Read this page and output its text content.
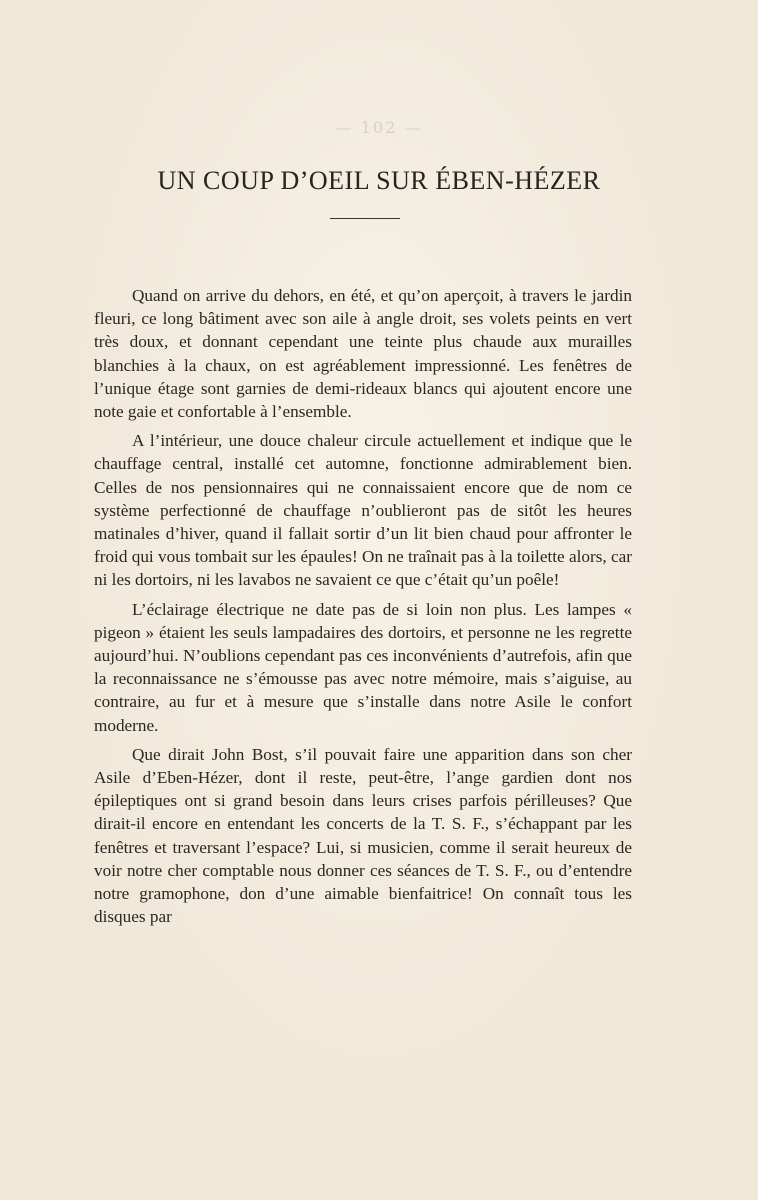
— 102 —
UN COUP D’OEIL SUR ÉBEN-HÉZER

Quand on arrive du dehors, en été, et qu’on aperçoit, à travers le jardin fleuri, ce long bâtiment avec son aile à angle droit, ses volets peints en vert très doux, et donnant cependant une teinte plus chaude aux murailles blanchies à la chaux, on est agréablement impressionné. Les fenêtres de l’unique étage sont garnies de demi-rideaux blancs qui ajoutent encore une note gaie et confortable à l’ensemble.

A l’intérieur, une douce chaleur circule actuellement et indique que le chauffage central, installé cet automne, fonctionne admirablement bien. Celles de nos pensionnaires qui ne connaissaient encore que de nom ce système perfectionné de chauffage n’oublieront pas de sitôt les heures matinales d’hiver, quand il fallait sortir d’un lit bien chaud pour affronter le froid qui vous tombait sur les épaules! On ne traînait pas à la toilette alors, car ni les dortoirs, ni les lavabos ne savaient ce que c’était qu’un poêle!

L’éclairage électrique ne date pas de si loin non plus. Les lampes « pigeon » étaient les seuls lampadaires des dortoirs, et personne ne les regrette aujourd’hui. N’oublions cependant pas ces inconvénients d’autrefois, afin que la reconnaissance ne s’émousse pas avec notre mémoire, mais s’aiguise, au contraire, au fur et à mesure que s’installe dans notre Asile le confort moderne.

Que dirait John Bost, s’il pouvait faire une apparition dans son cher Asile d’Eben-Hézer, dont il reste, peut-être, l’ange gardien dont nos épileptiques ont si grand besoin dans leurs crises parfois périlleuses? Que dirait-il encore en entendant les concerts de la T. S. F., s’échappant par les fenêtres et traversant l’espace? Lui, si musicien, comme il serait heureux de voir notre cher comptable nous donner ces séances de T. S. F., ou d’entendre notre gramophone, don d’une aimable bienfaitrice! On connaît tous les disques par
